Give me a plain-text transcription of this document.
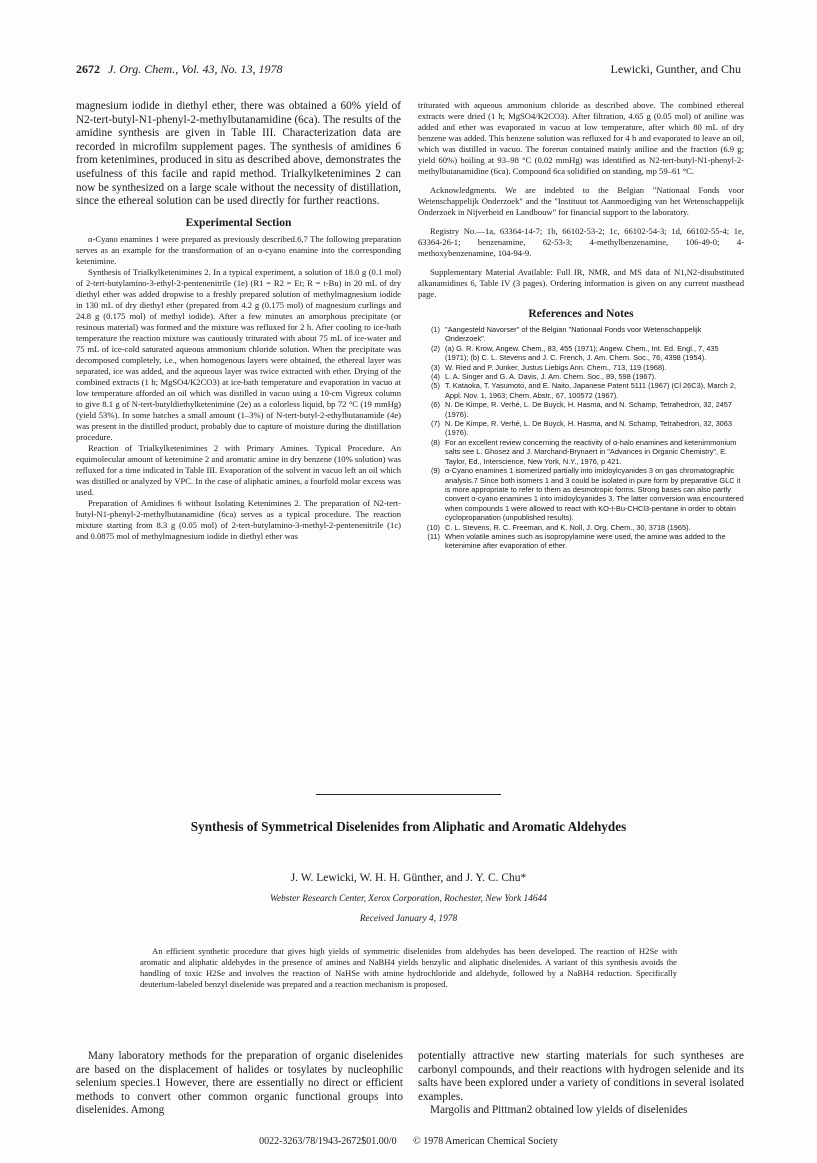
2672 J. Org. Chem., Vol. 43, No. 13, 1978	Lewicki, Gunther, and Chu

magnesium iodide in diethyl ether, there was obtained a 60% yield of N2-tert-butyl-N1-phenyl-2-methylbutanamidine (6ca). The results of the amidine synthesis are given in Table III. Characterization data are recorded in microfilm supplement pages. The synthesis of amidines 6 from ketenimines, produced in situ as described above, demonstrates the usefulness of this facile and rapid method. Trialkylketenimines 2 can now be synthesized on a large scale without the necessity of distillation, since the ethereal solution can be used directly for further reactions.

Experimental Section

α-Cyano enamines 1 were prepared as previously described.6,7 The following preparation serves as an example for the transformation of an α-cyano enamine into the corresponding ketenimine.

Synthesis of Trialkylketenimines 2. In a typical experiment, a solution of 18.0 g (0.1 mol) of 2-tert-butylamino-3-ethyl-2-pentenenitrile (1e) (R1 = R2 = Et; R = t-Bu) in 20 mL of dry diethyl ether was added dropwise to a freshly prepared solution of methylmagnesium iodide in 130 mL of dry diethyl ether (prepared from 4.2 g (0.175 mol) of magnesium curlings and 24.8 g (0.175 mol) of methyl iodide). After a few minutes an amorphous precipitate (or resinous material) was formed and the mixture was refluxed for 2 h. After cooling to ice-bath temperature the reaction mixture was cautiously triturated with about 75 mL of ice-water and 75 mL of ice-cold saturated aqueous ammonium chloride solution. When the precipitate was decomposed completely, i.e., when homogenous layers were obtained, the ethereal layer was separated, ice was added, and the aqueous layer was twice extracted with ether. Drying of the combined extracts (1 h; MgSO4/K2CO3) at ice-bath temperature and evaporation in vacuo at low temperature afforded an oil which was distilled in vacuo using a 10-cm Vigreux column to give 8.1 g of N-tert-butyldiethylketenimine (2e) as a colorless liquid, bp 72 °C (19 mmHg) (yield 53%). In some batches a small amount (1–3%) of N-tert-butyl-2-ethylbutanamide (4e) was present in the distilled product, probably due to capture of moisture during the distillation procedure.

Reaction of Trialkylketenimines 2 with Primary Amines. Typical Procedure. An equimolecular amount of ketenimine 2 and aromatic amine in dry benzene (10% solution) was refluxed for a time indicated in Table III. Evaporation of the solvent in vacuo left an oil which was distilled or analyzed by VPC. In the case of aliphatic amines, a fourfold molar excess was used.

Preparation of Amidines 6 without Isolating Ketenimines 2. The preparation of N2-tert-butyl-N1-phenyl-2-methylbutanamidine (6ca) serves as a typical procedure. The reaction mixture starting from 8.3 g (0.05 mol) of 2-tert-butylamino-3-methyl-2-pentenenitrile (1c) and 0.0875 mol of methylmagnesium iodide in diethyl ether was

triturated with aqueous ammonium chloride as described above. The combined ethereal extracts were dried (1 h; MgSO4/K2CO3). After filtration, 4.65 g (0.05 mol) of aniline was added and ether was evaporated in vacuo at low temperature, after which 80 mL of dry benzene was added. This benzene solution was refluxed for 4 h and evaporated to leave an oil, which was distilled in vacuo. The forerun contained mainly aniline and the fraction (6.9 g; yield 60%) boiling at 93–98 °C (0.02 mmHg) was identified as N2-tert-butyl-N1-phenyl-2-methylbutanamidine (6ca). Compound 6ca solidified on standing, mp 59–61 °C.

Acknowledgments. We are indebted to the Belgian "Nationaal Fonds voor Wetenschappelijk Onderzoek" and the "Instituut tot Aanmoediging van het Wetenschappelijk Onderzoek in Nijverheid en Landbouw" for financial support to the laboratory.

Registry No.—1a, 63364-14-7; 1b, 66102-53-2; 1c, 66102-54-3; 1d, 66102-55-4; 1e, 63364-26-1; benzenamine, 62-53-3; 4-methylbenzenamine, 106-49-0; 4-methoxybenzenamine, 104-94-9.

Supplementary Material Available: Full IR, NMR, and MS data of N1,N2-disubstituted alkanamidines 6, Table IV (3 pages). Ordering information is given on any current masthead page.

References and Notes
(1) "Aangesteld Navorser" of the Belgian "Nationaal Fonds voor Wetenschappelijk Onderzoek".
(2) (a) G. R. Krow, Angew. Chem., 83, 455 (1971); Angew. Chem., Int. Ed. Engl., 7, 435 (1971); (b) C. L. Stevens and J. C. French, J. Am. Chem. Soc., 76, 4398 (1954).
(3) W. Ried and P. Junker, Justus Liebigs Ann. Chem., 713, 119 (1968).
(4) L. A. Singer and G. A. Davis, J. Am. Chem. Soc., 89, 598 (1967).
(5) T. Kataoka, T. Yasumoto, and E. Naito, Japanese Patent 5111 (1967) (Cl 26C3), March 2, Appl. Nov. 1, 1963; Chem. Abstr., 67, 100572 (1967).
(6) N. De Kimpe, R. Verhé, L. De Buyck, H. Hasma, and N. Schamp, Tetrahedron, 32, 2457 (1976).
(7) N. De Kimpe, R. Verhé, L. De Buyck, H. Hasma, and N. Schamp, Tetrahedron, 32, 3063 (1976).
(8) For an excellent review concerning the reactivity of α-halo enamines and ketenimmonium salts see L. Ghosez and J. Marchand-Brynaert in "Advances in Organic Chemistry", E. Taylor, Ed., Interscience, New York, N.Y., 1976, p 421.
(9) α-Cyano enamines 1 isomerized partially into imidoylcyanides 3 on gas chromatographic analysis.7 Since both isomers 1 and 3 could be isolated in pure form by preparative GLC it is more appropriate to refer to them as desmotropic forms. Strong bases can also partly convert α-cyano enamines 1 into imidoylcyanides 3. The latter conversion was encountered when compounds 1 were allowed to react with KO-t-Bu-CHCl3-pentane in order to obtain cyclopropanation (unpublished results).
(10) C. L. Stevens, R. C. Freeman, and K. Noll, J. Org. Chem., 30, 3718 (1965).
(11) When volatile amines such as isopropylamine were used, the amine was added to the ketenimine after evaporation of ether.
Synthesis of Symmetrical Diselenides from Aliphatic and Aromatic Aldehydes
J. W. Lewicki, W. H. H. Günther, and J. Y. C. Chu*
Webster Research Center, Xerox Corporation, Rochester, New York 14644
Received January 4, 1978
An efficient synthetic procedure that gives high yields of symmetric diselenides from aldehydes has been developed. The reaction of H2Se with aromatic and aliphatic aldehydes in the presence of amines and NaBH4 yields benzylic and aliphatic diselenides. A variant of this synthesis avoids the handling of toxic H2Se and involves the reaction of NaHSe with amine hydrochloride and aldehyde, followed by a NaBH4 reduction. Specifically deuterium-labeled benzyl diselenide was prepared and a reaction mechanism is proposed.

Many laboratory methods for the preparation of organic diselenides are based on the displacement of halides or tosylates by nucleophilic selenium species.1 However, there are essentially no direct or efficient methods to convert other common organic functional groups into diselenides. Among

potentially attractive new starting materials for such syntheses are carbonyl compounds, and their reactions with hydrogen selenide and its salts have been explored under a variety of conditions in several isolated examples.

Margolis and Pittman2 obtained low yields of diselenides

0022-3263/78/1943-2672$01.00/0 © 1978 American Chemical Society
